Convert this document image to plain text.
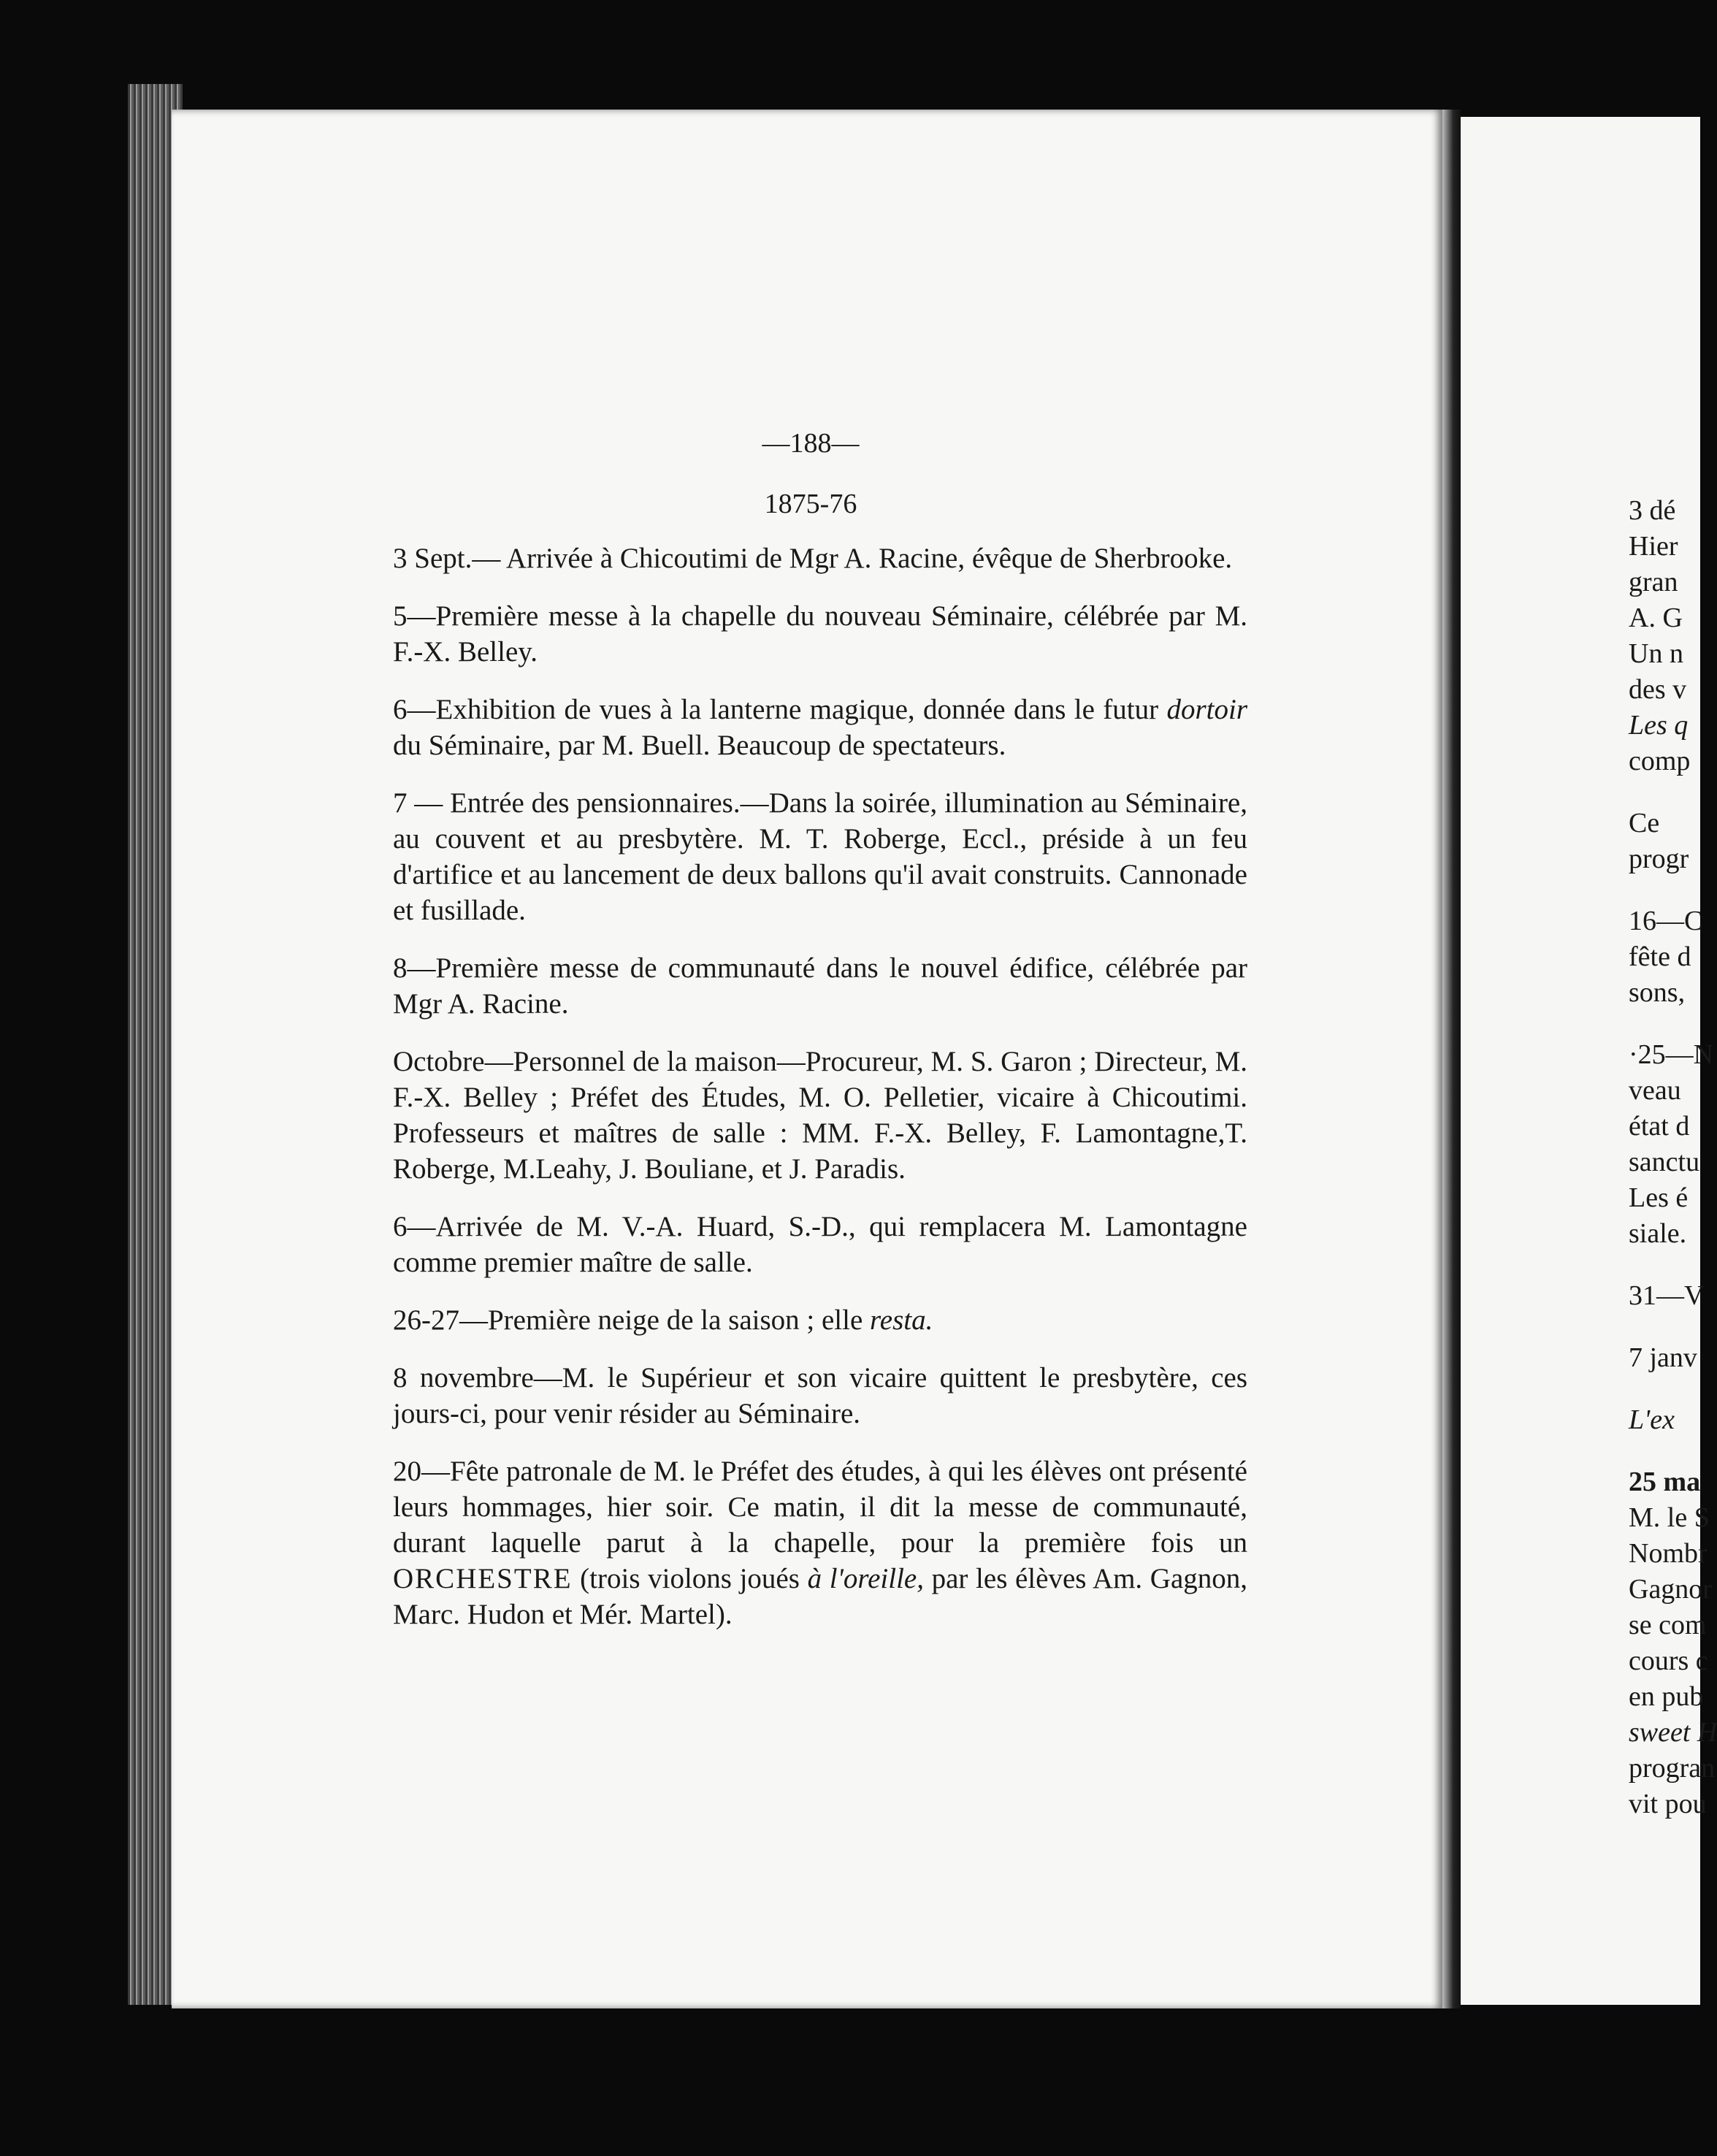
—188—
1875-76

3 Sept.— Arrivée à Chicoutimi de Mgr A. Racine, évêque de Sherbrooke.

5—Première messe à la chapelle du nouveau Séminaire, célébrée par M. F.-X. Belley.

6—Exhibition de vues à la lanterne magique, donnée dans le futur dortoir du Séminaire, par M. Buell. Beaucoup de spectateurs.

7 — Entrée des pensionnaires.—Dans la soirée, illumination au Séminaire, au couvent et au presbytère. M. T. Roberge, Eccl., préside à un feu d'artifice et au lancement de deux ballons qu'il avait construits. Cannonade et fusillade.

8—Première messe de communauté dans le nouvel édifice, célébrée par Mgr A. Racine.

Octobre—Personnel de la maison—Procureur, M. S. Garon ; Directeur, M. F.-X. Belley ; Préfet des Études, M. O. Pelletier, vicaire à Chicoutimi. Professeurs et maîtres de salle : MM. F.-X. Belley, F. Lamontagne,T. Roberge, M.Leahy, J. Bouliane, et J. Paradis.

6—Arrivée de M. V.-A. Huard, S.-D., qui remplacera M. Lamontagne comme premier maître de salle.

26-27—Première neige de la saison ; elle resta.

8 novembre—M. le Supérieur et son vicaire quittent le presbytère, ces jours-ci, pour venir résider au Séminaire.

20—Fête patronale de M. le Préfet des études, à qui les élèves ont présenté leurs hommages, hier soir. Ce matin, il dit la messe de communauté, durant laquelle parut à la chapelle, pour la première fois un ORCHESTRE (trois violons joués à l'oreille, par les élèves Am. Gagnon, Marc. Hudon et Mér. Martel).

3 dé
Hier
gran
A. G
Un n
des v
Les q
comp
Ce
progr
16—C
fête d
sons,
·25—N
veau
état d
sanctu
Les é
siale.
31—V
7 janv
L'ex
25 ma
M. le S
Nombr
Gagnor
se com
cours c
en pub
sweet H
progran
vit pou
